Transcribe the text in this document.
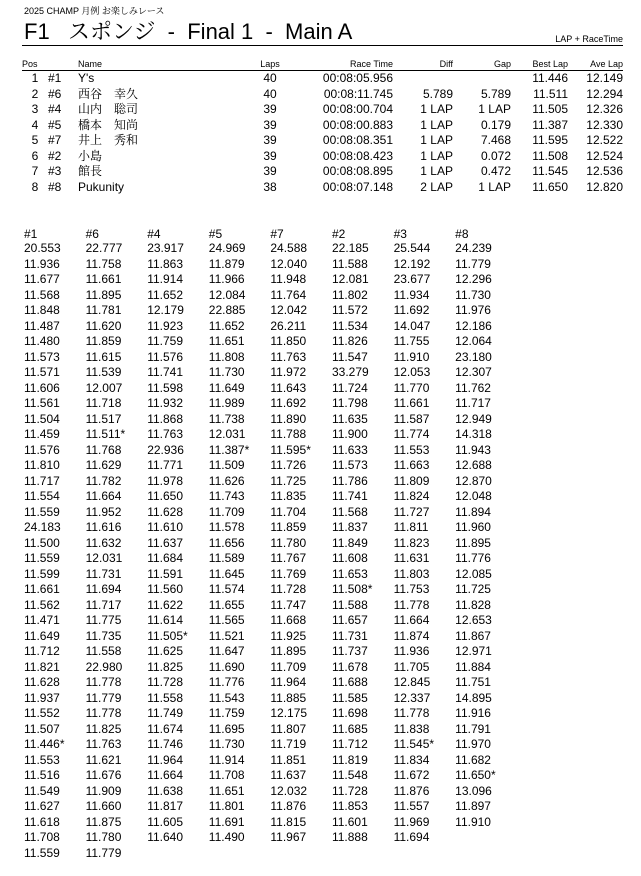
2025 CHAMP 月例 お楽しみレース
F1   スポンジ  -  Final 1  -  Main A	LAP + RaceTime
Pos		Name	Laps	Race Time	Diff	Gap	Best Lap	Ave Lap
1	#1	Y's	40	00:08:05.956			11.446	12.149
2	#6	西谷　幸久	40	00:08:11.745	5.789	5.789	11.511	12.294
3	#4	山内　聡司	39	00:08:00.704	1 LAP	1 LAP	11.505	12.326
4	#5	橋本　知尚	39	00:08:00.883	1 LAP	0.179	11.387	12.330
5	#7	井上　秀和	39	00:08:08.351	1 LAP	7.468	11.595	12.522
6	#2	小島	39	00:08:08.423	1 LAP	0.072	11.508	12.524
7	#3	館長	39	00:08:08.895	1 LAP	0.472	11.545	12.536
8	#8	Pukunity	38	00:08:07.148	2 LAP	1 LAP	11.650	12.820
#1	#6	#4	#5	#7	#2	#3	#8
20.553	22.777	23.917	24.969	24.588	22.185	25.544	24.239
11.936	11.758	11.863	11.879	12.040	11.588	12.192	11.779
11.677	11.661	11.914	11.966	11.948	12.081	23.677	12.296
11.568	11.895	11.652	12.084	11.764	11.802	11.934	11.730
11.848	11.781	12.179	22.885	12.042	11.572	11.692	11.976
11.487	11.620	11.923	11.652	26.211	11.534	14.047	12.186
11.480	11.859	11.759	11.651	11.850	11.826	11.755	12.064
11.573	11.615	11.576	11.808	11.763	11.547	11.910	23.180
11.571	11.539	11.741	11.730	11.972	33.279	12.053	12.307
11.606	12.007	11.598	11.649	11.643	11.724	11.770	11.762
11.561	11.718	11.932	11.989	11.692	11.798	11.661	11.717
11.504	11.517	11.868	11.738	11.890	11.635	11.587	12.949
11.459	11.511*	11.763	12.031	11.788	11.900	11.774	14.318
11.576	11.768	22.936	11.387*	11.595*	11.633	11.553	11.943
11.810	11.629	11.771	11.509	11.726	11.573	11.663	12.688
11.717	11.782	11.978	11.626	11.725	11.786	11.809	12.870
11.554	11.664	11.650	11.743	11.835	11.741	11.824	12.048
11.559	11.952	11.628	11.709	11.704	11.568	11.727	11.894
24.183	11.616	11.610	11.578	11.859	11.837	11.811	11.960
11.500	11.632	11.637	11.656	11.780	11.849	11.823	11.895
11.559	12.031	11.684	11.589	11.767	11.608	11.631	11.776
11.599	11.731	11.591	11.645	11.769	11.653	11.803	12.085
11.661	11.694	11.560	11.574	11.728	11.508*	11.753	11.725
11.562	11.717	11.622	11.655	11.747	11.588	11.778	11.828
11.471	11.775	11.614	11.565	11.668	11.657	11.664	12.653
11.649	11.735	11.505*	11.521	11.925	11.731	11.874	11.867
11.712	11.558	11.625	11.647	11.895	11.737	11.936	12.971
11.821	22.980	11.825	11.690	11.709	11.678	11.705	11.884
11.628	11.778	11.728	11.776	11.964	11.688	12.845	11.751
11.937	11.779	11.558	11.543	11.885	11.585	12.337	14.895
11.552	11.778	11.749	11.759	12.175	11.698	11.778	11.916
11.507	11.825	11.674	11.695	11.807	11.685	11.838	11.791
11.446*	11.763	11.746	11.730	11.719	11.712	11.545*	11.970
11.553	11.621	11.964	11.914	11.851	11.819	11.834	11.682
11.516	11.676	11.664	11.708	11.637	11.548	11.672	11.650*
11.549	11.909	11.638	11.651	12.032	11.728	11.876	13.096
11.627	11.660	11.817	11.801	11.876	11.853	11.557	11.897
11.618	11.875	11.605	11.691	11.815	11.601	11.969	11.910
11.708	11.780	11.640	11.490	11.967	11.888	11.694
11.559	11.779
